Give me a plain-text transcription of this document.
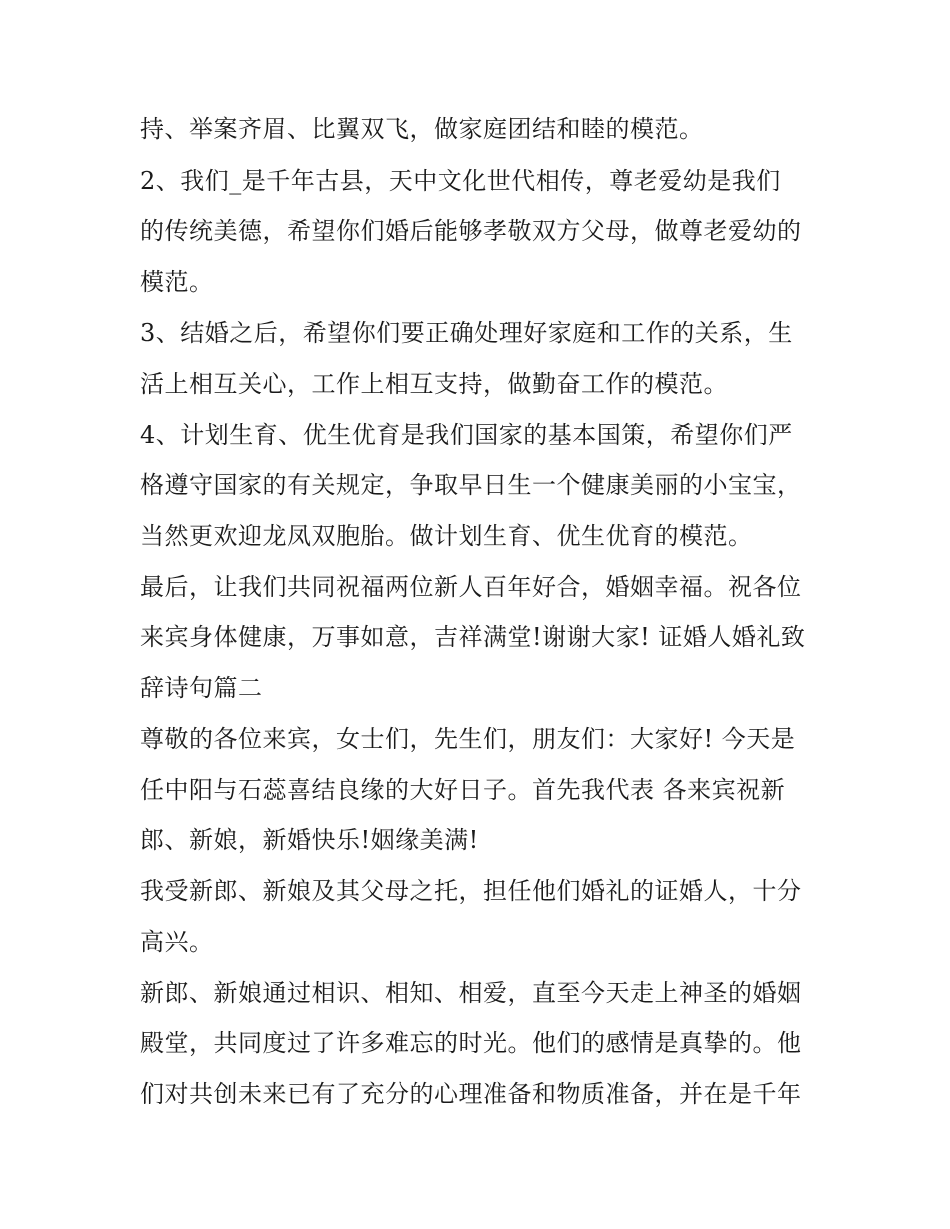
持、举案齐眉、比翼双飞，做家庭团结和睦的模范。
2、我们_是千年古县，天中文化世代相传，尊老爱幼是我们
的传统美德，希望你们婚后能够孝敬双方父母，做尊老爱幼的
模范。
3、结婚之后，希望你们要正确处理好家庭和工作的关系，生
活上相互关心，工作上相互支持，做勤奋工作的模范。
4、计划生育、优生优育是我们国家的基本国策，希望你们严
格遵守国家的有关规定，争取早日生一个健康美丽的小宝宝，
当然更欢迎龙凤双胞胎。做计划生育、优生优育的模范。
最后，让我们共同祝福两位新人百年好合，婚姻幸福。祝各位
来宾身体健康，万事如意，吉祥满堂!谢谢大家! 证婚人婚礼致
辞诗句篇二
尊敬的各位来宾，女士们，先生们，朋友们：大家好! 今天是
任中阳与石蕊喜结良缘的大好日子。首先我代表 各来宾祝新
郎、新娘，新婚快乐!姻缘美满!
我受新郎、新娘及其父母之托，担任他们婚礼的证婚人，十分
高兴。
新郎、新娘通过相识、相知、相爱，直至今天走上神圣的婚姻
殿堂，共同度过了许多难忘的时光。他们的感情是真挚的。他
们对共创未来已有了充分的心理准备和物质准备，并在是千年
